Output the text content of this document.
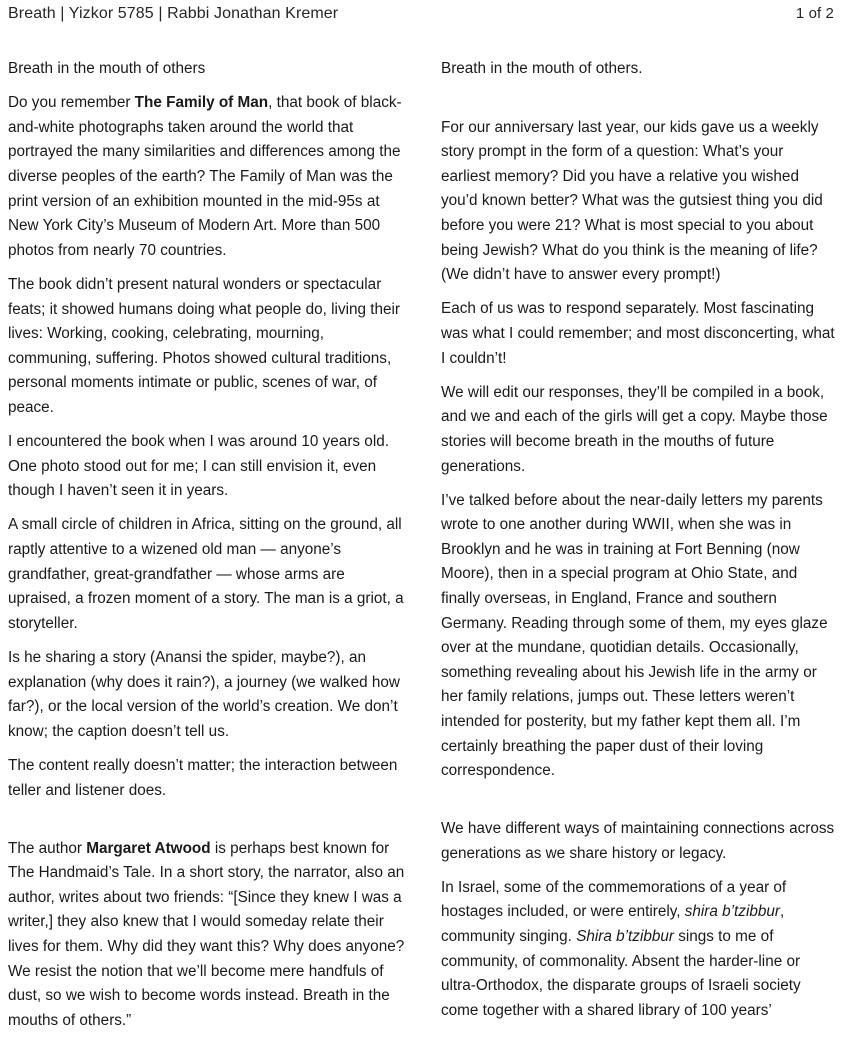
Breath | Yizkor 5785 | Rabbi Jonathan Kremer	1 of 2

Breath in the mouth of others

Do you remember The Family of Man, that book of black-and-white photographs taken around the world that portrayed the many similarities and differences among the diverse peoples of the earth? The Family of Man was the print version of an exhibition mounted in the mid-95s at New York City’s Museum of Modern Art. More than 500 photos from nearly 70 countries.

The book didn’t present natural wonders or spectacular feats; it showed humans doing what people do, living their lives: Working, cooking, celebrating, mourning, communing, suffering. Photos showed cultural traditions, personal moments intimate or public, scenes of war, of peace.

I encountered the book when I was around 10 years old. One photo stood out for me; I can still envision it, even though I haven’t seen it in years.

A small circle of children in Africa, sitting on the ground, all raptly attentive to a wizened old man — anyone’s grandfather, great-grandfather — whose arms are upraised, a frozen moment of a story. The man is a griot, a storyteller.

Is he sharing a story (Anansi the spider, maybe?), an explanation (why does it rain?), a journey (we walked how far?), or the local version of the world’s creation. We don’t know; the caption doesn’t tell us.

The content really doesn’t matter; the interaction between teller and listener does.

The author Margaret Atwood is perhaps best known for The Handmaid’s Tale. In a short story, the narrator, also an author, writes about two friends: “[Since they knew I was a writer,] they also knew that I would someday relate their lives for them. Why did they want this? Why does anyone? We resist the notion that we’ll become mere handfuls of dust, so we wish to become words instead. Breath in the mouths of others.”

Breath in the mouth of others.

For our anniversary last year, our kids gave us a weekly story prompt in the form of a question: What’s your earliest memory? Did you have a relative you wished you’d known better? What was the gutsiest thing you did before you were 21? What is most special to you about being Jewish? What do you think is the meaning of life? (We didn’t have to answer every prompt!)

Each of us was to respond separately. Most fascinating was what I could remember; and most disconcerting, what I couldn’t!

We will edit our responses, they’ll be compiled in a book, and we and each of the girls will get a copy. Maybe those stories will become breath in the mouths of future generations.

I’ve talked before about the near-daily letters my parents wrote to one another during WWII, when she was in Brooklyn and he was in training at Fort Benning (now Moore), then in a special program at Ohio State, and finally overseas, in England, France and southern Germany. Reading through some of them, my eyes glaze over at the mundane, quotidian details. Occasionally, something revealing about his Jewish life in the army or her family relations, jumps out. These letters weren’t intended for posterity, but my father kept them all. I’m certainly breathing the paper dust of their loving correspondence.

We have different ways of maintaining connections across generations as we share history or legacy.

In Israel, some of the commemorations of a year of hostages included, or were entirely, shira b’tzibbur, community singing. Shira b’tzibbur sings to me of community, of commonality. Absent the harder-line or ultra-Orthodox, the disparate groups of Israeli society come together with a shared library of 100 years’
